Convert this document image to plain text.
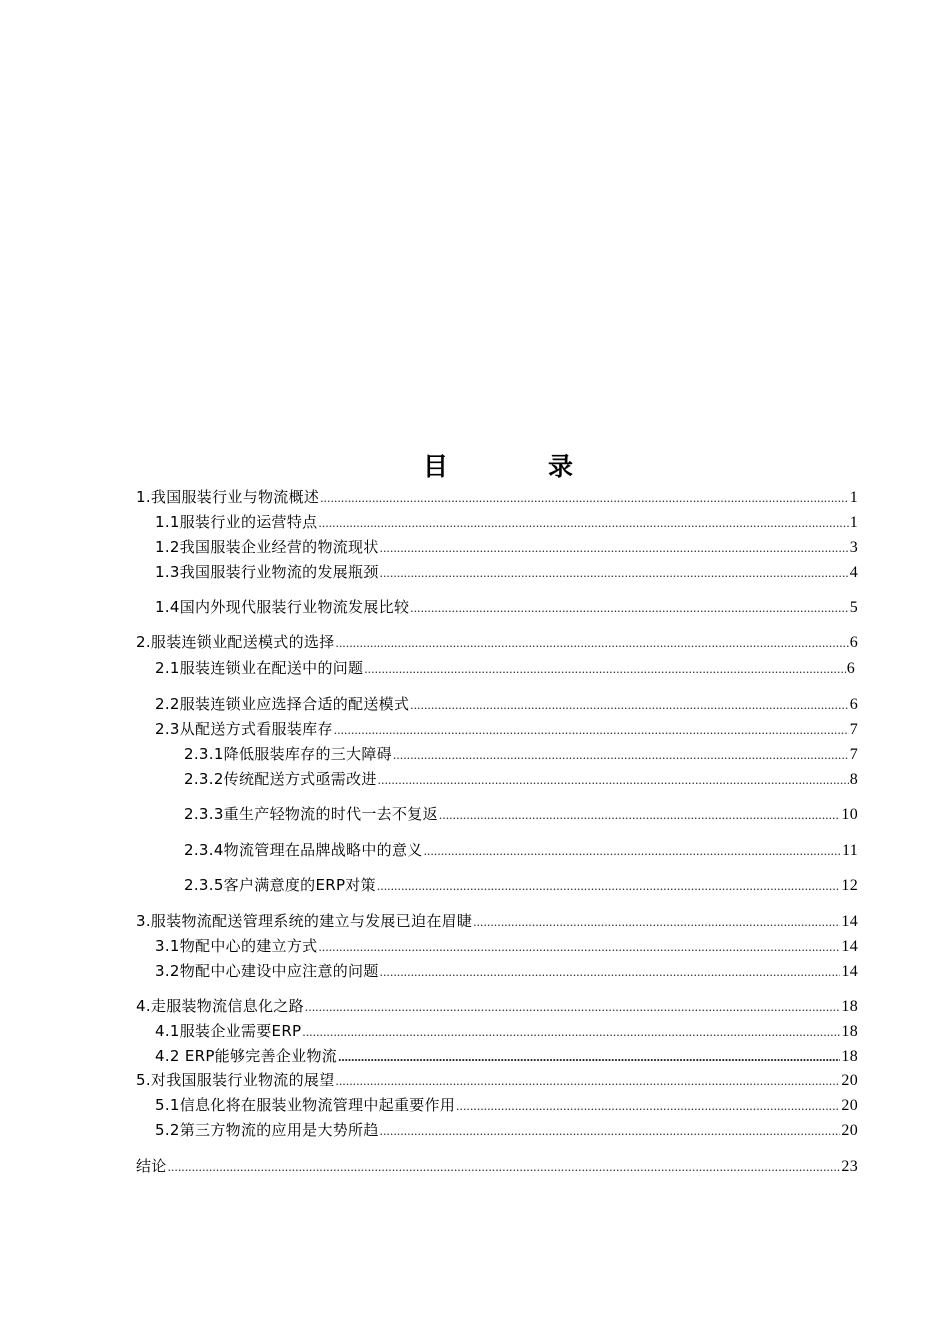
目	录
1.我国服装行业与物流概述 .....	1
1.1服装行业的运营特点 .....	1
1.2我国服装企业经营的物流现状 .....	3
1.3我国服装行业物流的发展瓶颈 .....	4
1.4国内外现代服装行业物流发展比较 .....	5
2.服装连锁业配送模式的选择 .....	6
2.1服装连锁业在配送中的问题 .....	6
2.2服装连锁业应选择合适的配送模式 .....	6
2.3从配送方式看服装库存 .....	7
2.3.1降低服装库存的三大障碍 .....	7
2.3.2传统配送方式亟需改进 .....	8
2.3.3重生产轻物流的时代一去不复返 .....	10
2.3.4物流管理在品牌战略中的意义 .....	11
2.3.5客户满意度的ERP对策 .....	12
3.服装物流配送管理系统的建立与发展已迫在眉睫 .....	14
3.1物配中心的建立方式 .....	14
3.2物配中心建设中应注意的问题 .....	14
4.走服装物流信息化之路 .....	18
4.1服装企业需要ERP .....	18
4.2 ERP能够完善企业物流 .....	18
5.对我国服装行业物流的展望 .....	20
5.1信息化将在服装业物流管理中起重要作用 .....	20
5.2第三方物流的应用是大势所趋 .....	20
结论 .....	23
